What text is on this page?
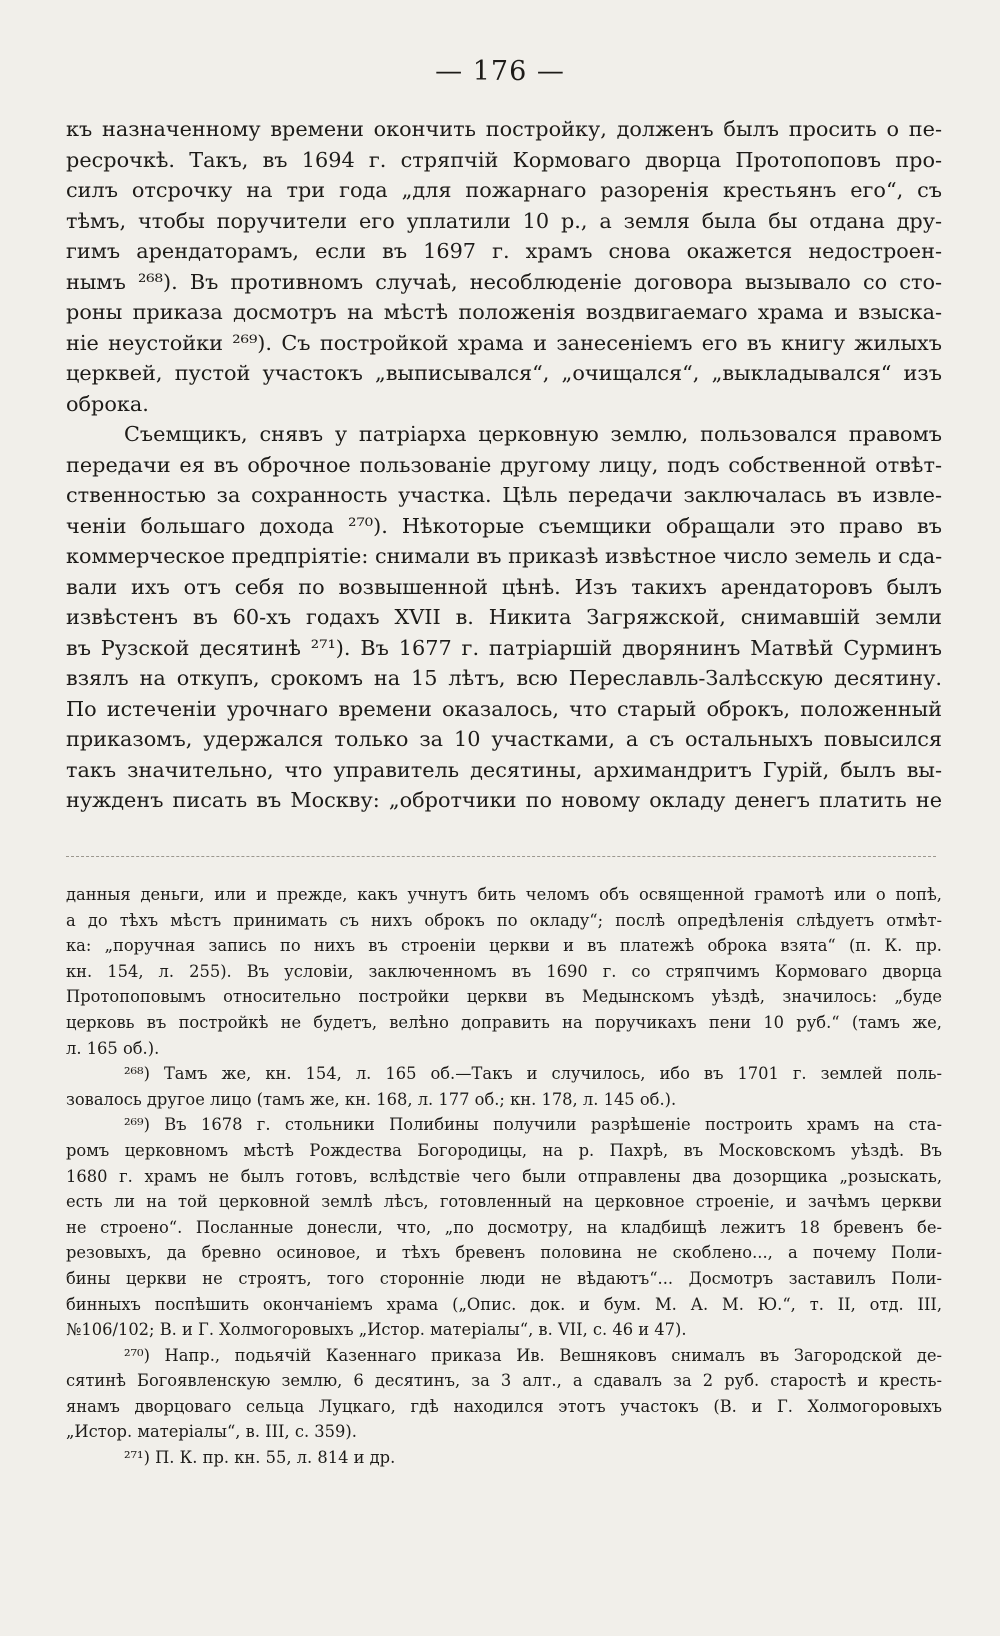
— 176 —
къ назначенному времени окончить постройку, долженъ былъ просить о пе-
ресрочкѣ. Такъ, въ 1694 г. стряпчій Кормоваго дворца Протопоповъ про-
силъ отсрочку на три года „для пожарнаго разоренія крестьянъ его“, съ
тѣмъ, чтобы поручители его уплатили 10 р., а земля была бы отдана дру-
гимъ арендаторамъ, если въ 1697 г. храмъ снова окажется недостроен-
нымъ ²⁶⁸). Въ противномъ случаѣ, несоблюденіе договора вызывало со сто-
роны приказа досмотръ на мѣстѣ положенія воздвигаемаго храма и взыска-
ніе неустойки ²⁶⁹). Съ постройкой храма и занесеніемъ его въ книгу жилыхъ
церквей, пустой участокъ „выписывался“, „очищался“, „выкладывался“ изъ
оброка.
Съемщикъ, снявъ у патріарха церковную землю, пользовался правомъ
передачи ея въ оброчное пользованіе другому лицу, подъ собственной отвѣт-
ственностью за сохранность участка. Цѣль передачи заключалась въ извле-
ченіи большаго дохода ²⁷⁰). Нѣкоторые съемщики обращали это право въ
коммерческое предпріятіе: снимали въ приказѣ извѣстное число земель и сда-
вали ихъ отъ себя по возвышенной цѣнѣ. Изъ такихъ арендаторовъ былъ
извѣстенъ въ 60-хъ годахъ XVII в. Никита Загряжской, снимавшій земли
въ Рузской десятинѣ ²⁷¹). Въ 1677 г. патріаршій дворянинъ Матвѣй Сурминъ
взялъ на откупъ, срокомъ на 15 лѣтъ, всю Переславль-Залѣсскую десятину.
По истеченіи урочнаго времени оказалось, что старый оброкъ, положенный
приказомъ, удержался только за 10 участками, а съ остальныхъ повысился
такъ значительно, что управитель десятины, архимандритъ Гурій, былъ вы-
нужденъ писать въ Москву: „обротчики по новому окладу денегъ платить не
данныя деньги, или и прежде, какъ учнутъ бить челомъ объ освященной грамотѣ или о попѣ,
а до тѣхъ мѣстъ принимать съ нихъ оброкъ по окладу“; послѣ опредѣленія слѣдуетъ отмѣт-
ка: „поручная запись по нихъ въ строеніи церкви и въ платежѣ оброка взята“ (п. К. пр.
кн. 154, л. 255). Въ условіи, заключенномъ въ 1690 г. со стряпчимъ Кормоваго дворца
Протопоповымъ относительно постройки церкви въ Медынскомъ уѣздѣ, значилось: „буде
церковь въ постройкѣ не будетъ, велѣно доправить на поручикахъ пени 10 руб.“ (тамъ же,
л. 165 об.).
²⁶⁸) Тамъ же, кн. 154, л. 165 об.—Такъ и случилось, ибо въ 1701 г. землей поль-
зовалось другое лицо (тамъ же, кн. 168, л. 177 об.; кн. 178, л. 145 об.).
²⁶⁹) Въ 1678 г. стольники Полибины получили разрѣшеніе построить храмъ на ста-
ромъ церковномъ мѣстѣ Рождества Богородицы, на р. Пахрѣ, въ Московскомъ уѣздѣ. Въ
1680 г. храмъ не былъ готовъ, вслѣдствіе чего были отправлены два дозорщика „розыскать,
есть ли на той церковной землѣ лѣсъ, готовленный на церковное строеніе, и зачѣмъ церкви
не строено“. Посланные донесли, что, „по досмотру, на кладбищѣ лежитъ 18 бревенъ бе-
резовыхъ, да бревно осиновое, и тѣхъ бревенъ половина не скоблено..., а почему Поли-
бины церкви не строятъ, того сторонніе люди не вѣдаютъ“... Досмотръ заставилъ Поли-
бинныхъ поспѣшить окончаніемъ храма („Опис. док. и бум. М. А. М. Ю.“, т. II, отд. III,
№106/102; В. и Г. Холмогоровыхъ „Истор. матеріалы“, в. VII, с. 46 и 47).
²⁷⁰) Напр., подьячій Казеннаго приказа Ив. Вешняковъ снималъ въ Загородской де-
сятинѣ Богоявленскую землю, 6 десятинъ, за 3 алт., а сдавалъ за 2 руб. старостѣ и кресть-
янамъ дворцоваго сельца Луцкаго, гдѣ находился этотъ участокъ (В. и Г. Холмогоровыхъ
„Истор. матеріалы“, в. III, с. 359).
²⁷¹) П. К. пр. кн. 55, л. 814 и др.
